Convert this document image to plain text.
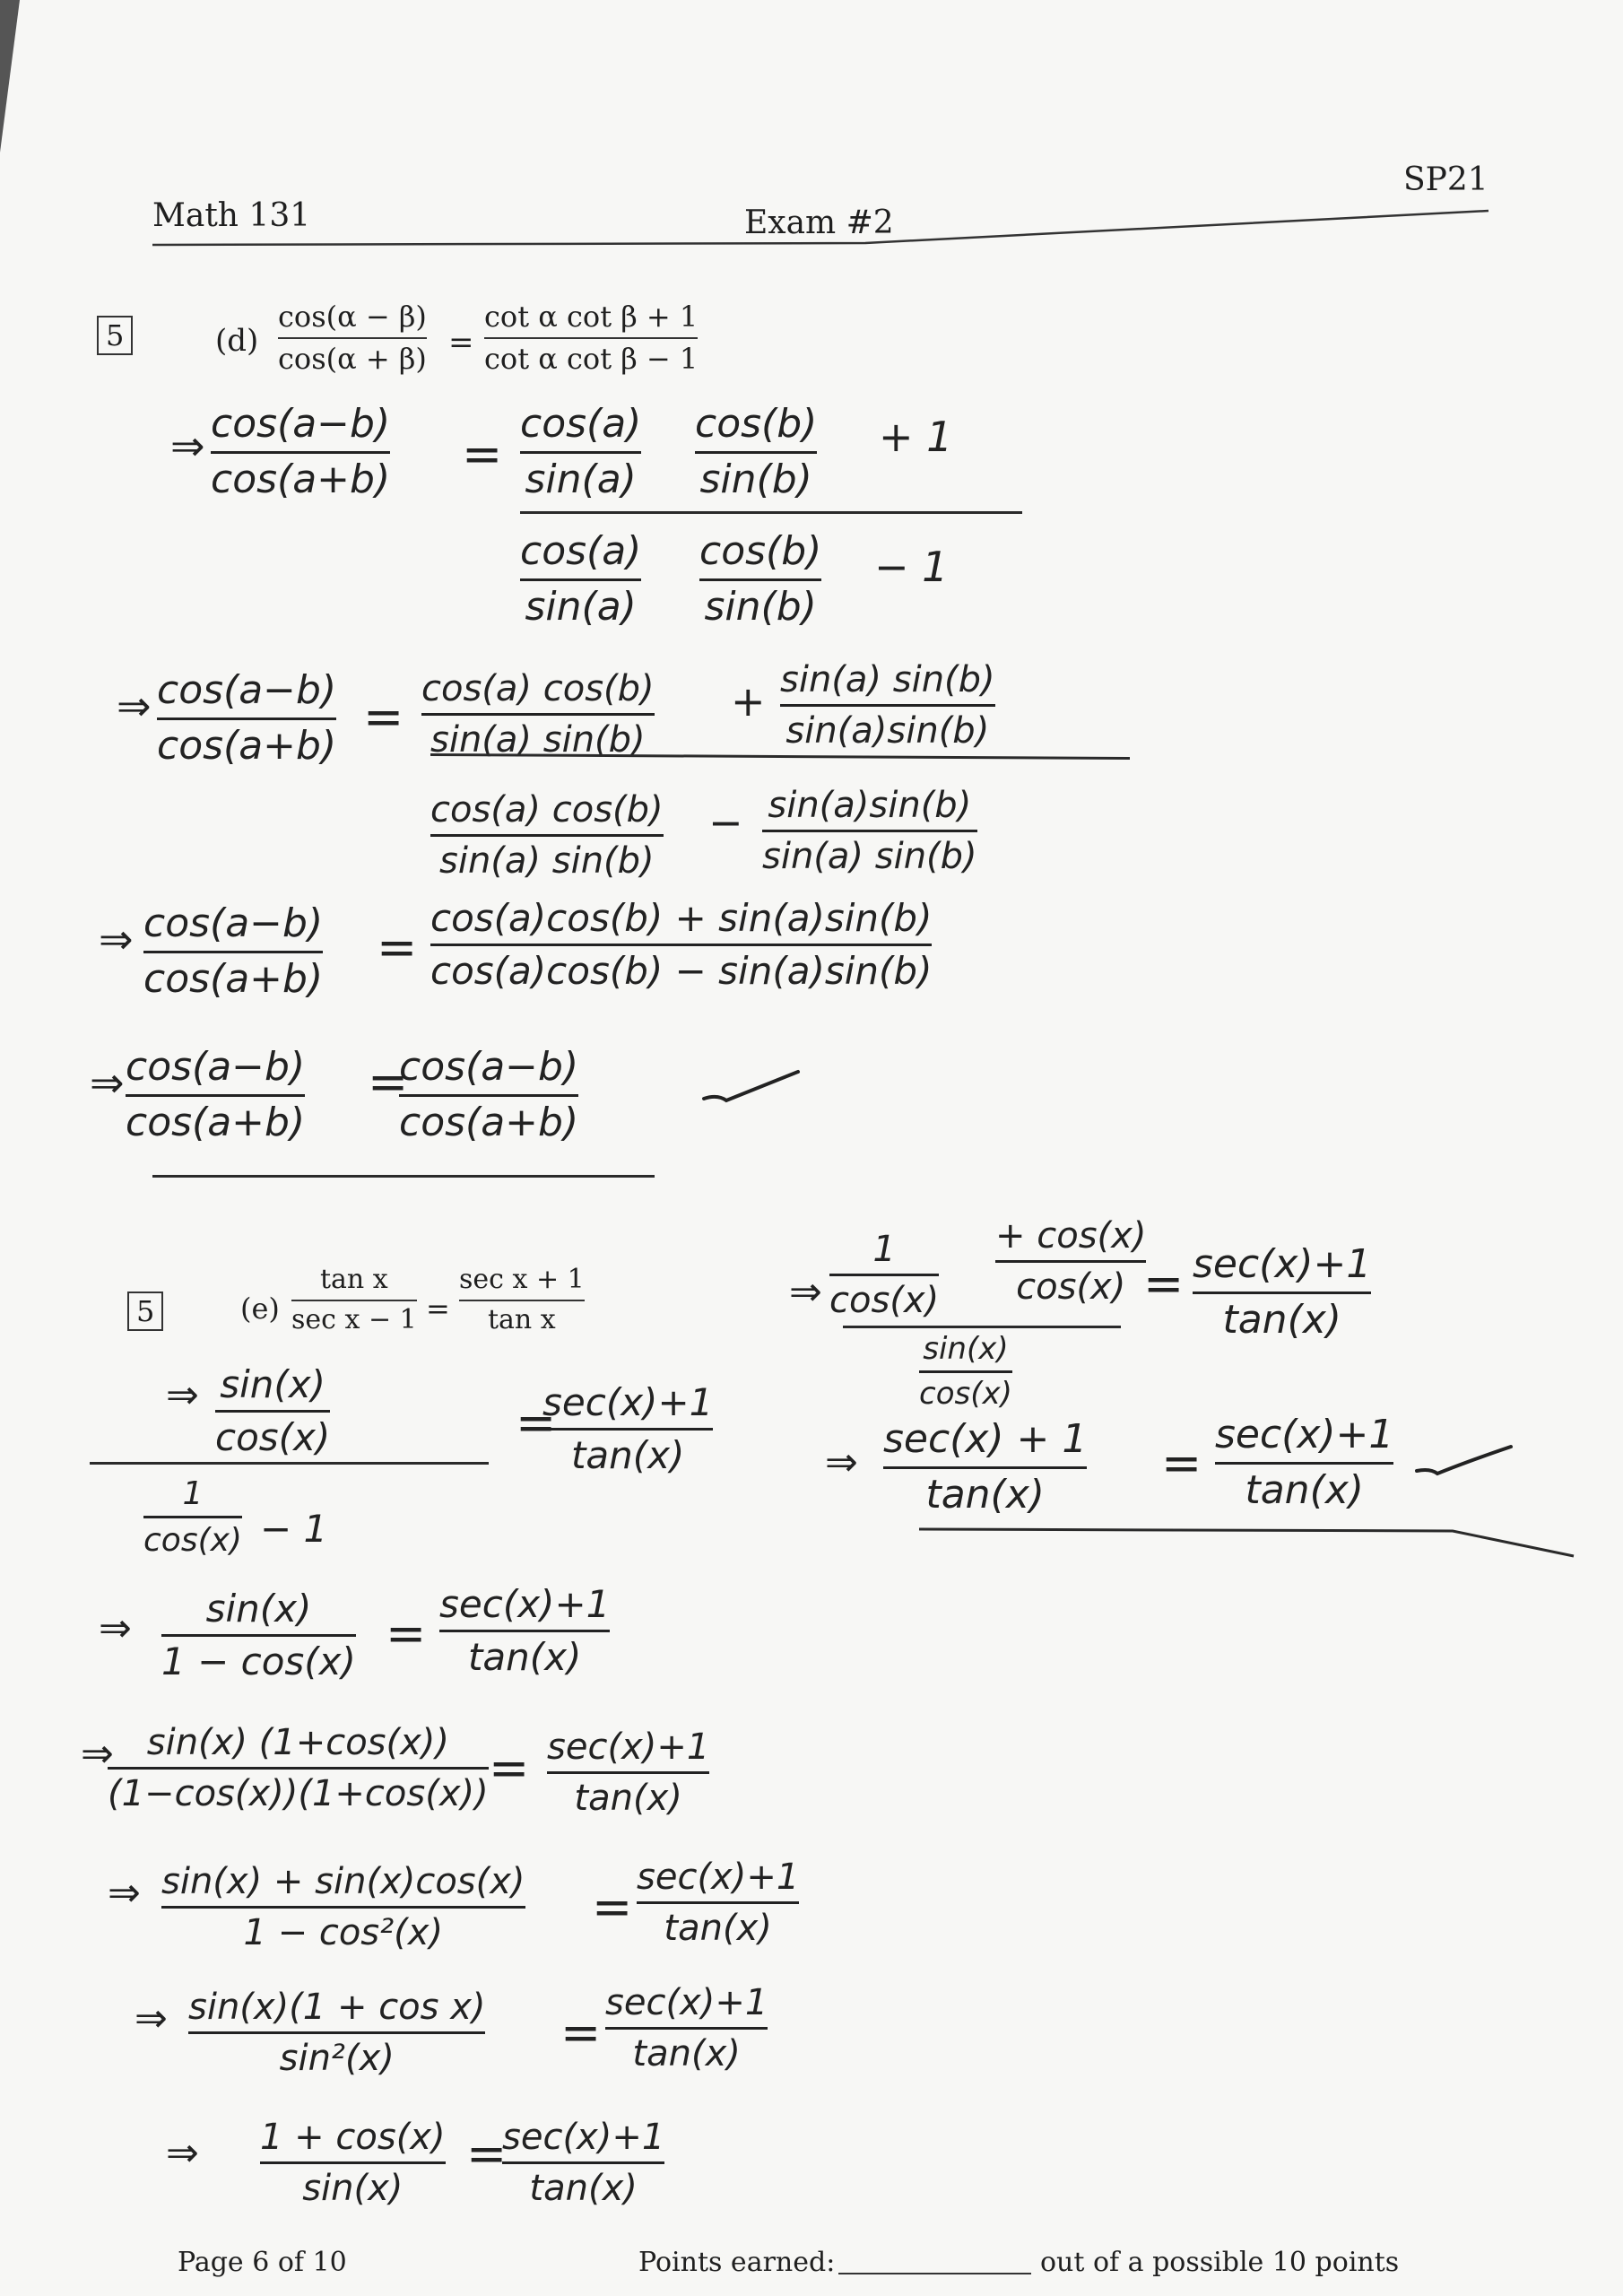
Math 131	Exam #2
SP21
5	(d)
cos(α − β)
cos(α + β) =
cot α cot β + 1
cot α cot β − 1
⇒ cos(a−b)
cos(a+b) =
cos(a)
sin(a)
cos(b)
sin(b)
+ 1
cos(a)
sin(a)
cos(b)
sin(b)
− 1
⇒ cos(a−b)
cos(a+b)
= cos(a) cos(b)
sin(a) sin(b)
+ sin(a) sin(b)
sin(a)sin(b)
cos(a) cos(b)
sin(a) sin(b)
− sin(a)sin(b)
sin(a) sin(b)
⇒ cos(a−b)
cos(a+b)
=
cos(a)cos(b) + sin(a)sin(b)
cos(a)cos(b) − sin(a)sin(b)
⇒ cos(a−b)
cos(a+b)
=
cos(a−b)
cos(a+b)
5	(e)
tan x
sec x − 1 =
sec x + 1
tan x
⇒ sin(x)
cos(x)
1
cos(x) − 1
=
sec(x)+1
tan(x)
⇒ sin(x)
1 − cos(x) =
sec(x)+1
tan(x)
⇒ sin(x) (1+cos(x))
(1−cos(x))(1+cos(x)) = sec(x)+1
tan(x)
⇒ sin(x) + sin(x)cos(x)
1 − cos²(x)	=
sec(x)+1
tan(x)
⇒ sin(x)(1 + cos x)
sin²(x)	=
sec(x)+1
tan(x)
⇒ 1 + cos(x)
sin(x)
=
sec(x)+1
tan(x)
⇒
1
cos(x)
+ cos(x)
cos(x)
sin(x)
cos(x)
= sec(x)+1
tan(x)
⇒
sec(x) + 1
tan(x)
=
sec(x)+1
tan(x)
Page 6 of 10	Points earned:	out of a possible 10 points
